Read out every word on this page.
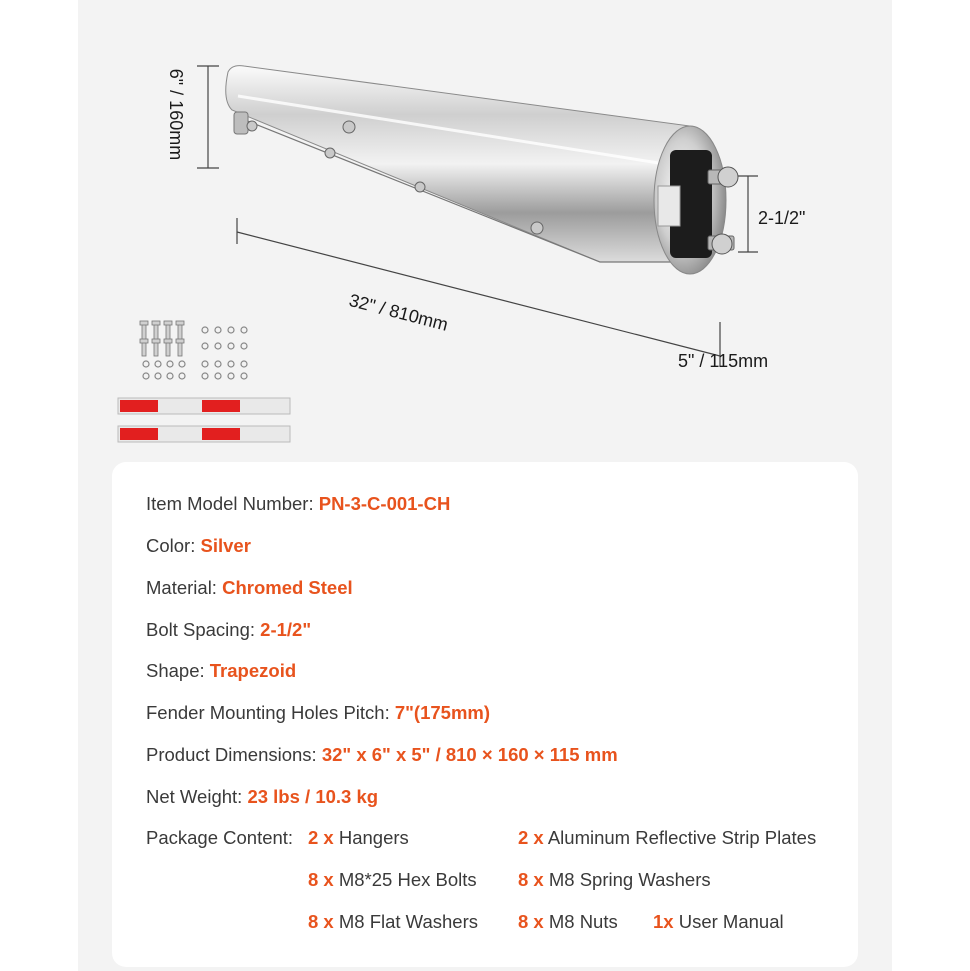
6" / 160mm
32" / 810mm
5" / 115mm
2-1/2"
Item Model Number: PN-3-C-001-CH
Color: Silver
Material: Chromed Steel
Bolt Spacing: 2-1/2"
Shape: Trapezoid
Fender Mounting Holes Pitch: 7"(175mm)
Product Dimensions: 32" x 6" x 5" / 810 × 160 × 115 mm
Net Weight: 23 lbs / 10.3 kg
Package Content: 2 x Hangers	2 x Aluminum Reflective Strip Plates
8 x M8*25 Hex Bolts 8 x M8 Spring Washers
8 x M8 Flat Washers 8 x M8 Nuts 1x User Manual
